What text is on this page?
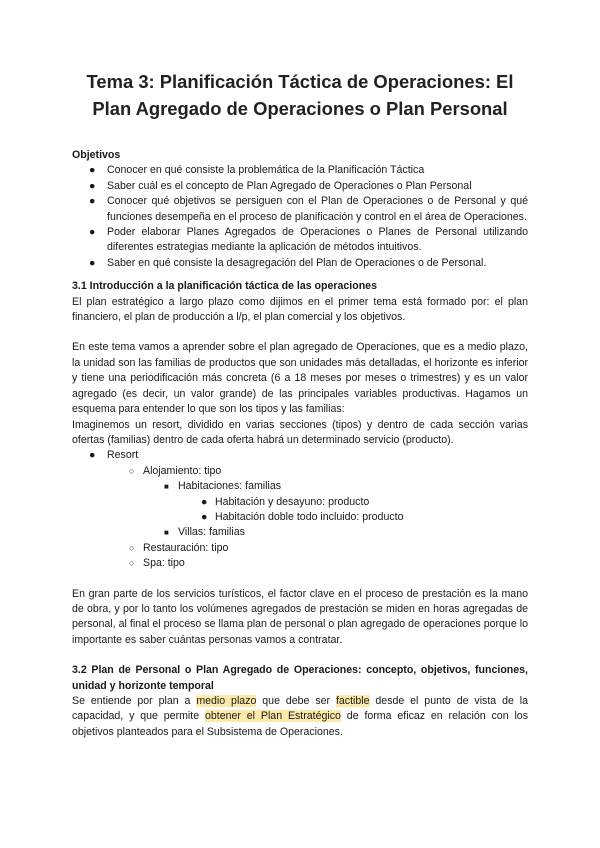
Tema 3: Planificación Táctica de Operaciones: El Plan Agregado de Operaciones o Plan Personal
Objetivos
● Conocer en qué consiste la problemática de la Planificación Táctica
● Saber cuál es el concepto de Plan Agregado de Operaciones o Plan Personal
● Conocer qué objetivos se persiguen con el Plan de Operaciones o de Personal y qué funciones desempeña en el proceso de planificación y control en el área de Operaciones.
● Poder elaborar Planes Agregados de Operaciones o Planes de Personal utilizando diferentes estrategias mediante la aplicación de métodos intuitivos.
● Saber en qué consiste la desagregación del Plan de Operaciones o de Personal.
3.1 Introducción a la planificación táctica de las operaciones

El plan estratégico a largo plazo como dijimos en el primer tema está formado por: el plan financiero, el plan de producción a l/p, el plan comercial y los objetivos.

En este tema vamos a aprender sobre el plan agregado de Operaciones, que es a medio plazo, la unidad son las familias de productos que son unidades más detalladas, el horizonte es inferior y tiene una periodificación más concreta (6 a 18 meses por meses o trimestres) y es un valor agregado (es decir, un valor grande) de las principales variables productivas. Hagamos un esquema para entender lo que son los tipos y las familias:

Imaginemos un resort, dividido en varias secciones (tipos) y dentro de cada sección varias ofertas (familias) dentro de cada oferta habrá un determinado servicio (producto).

● Resort
○ Alojamiento: tipo
■ Habitaciones: familias
● Habitación y desayuno: producto
● Habitación doble todo incluido: producto
■ Villas: familias
○ Restauración: tipo
○ Spa: tipo

En gran parte de los servicios turísticos, el factor clave en el proceso de prestación es la mano de obra, y por lo tanto los volúmenes agregados de prestación se miden en horas agregadas de personal, al final el proceso se llama plan de personal o plan agregado de operaciones porque lo importante es saber cuántas personas vamos a contratar.

3.2 Plan de Personal o Plan Agregado de Operaciones: concepto, objetivos, funciones, unidad y horizonte temporal

Se entiende por plan a medio plazo que debe ser factible desde el punto de vista de la capacidad, y que permite obtener el Plan Estratégico de forma eficaz en relación con los objetivos planteados para el Subsistema de Operaciones.
